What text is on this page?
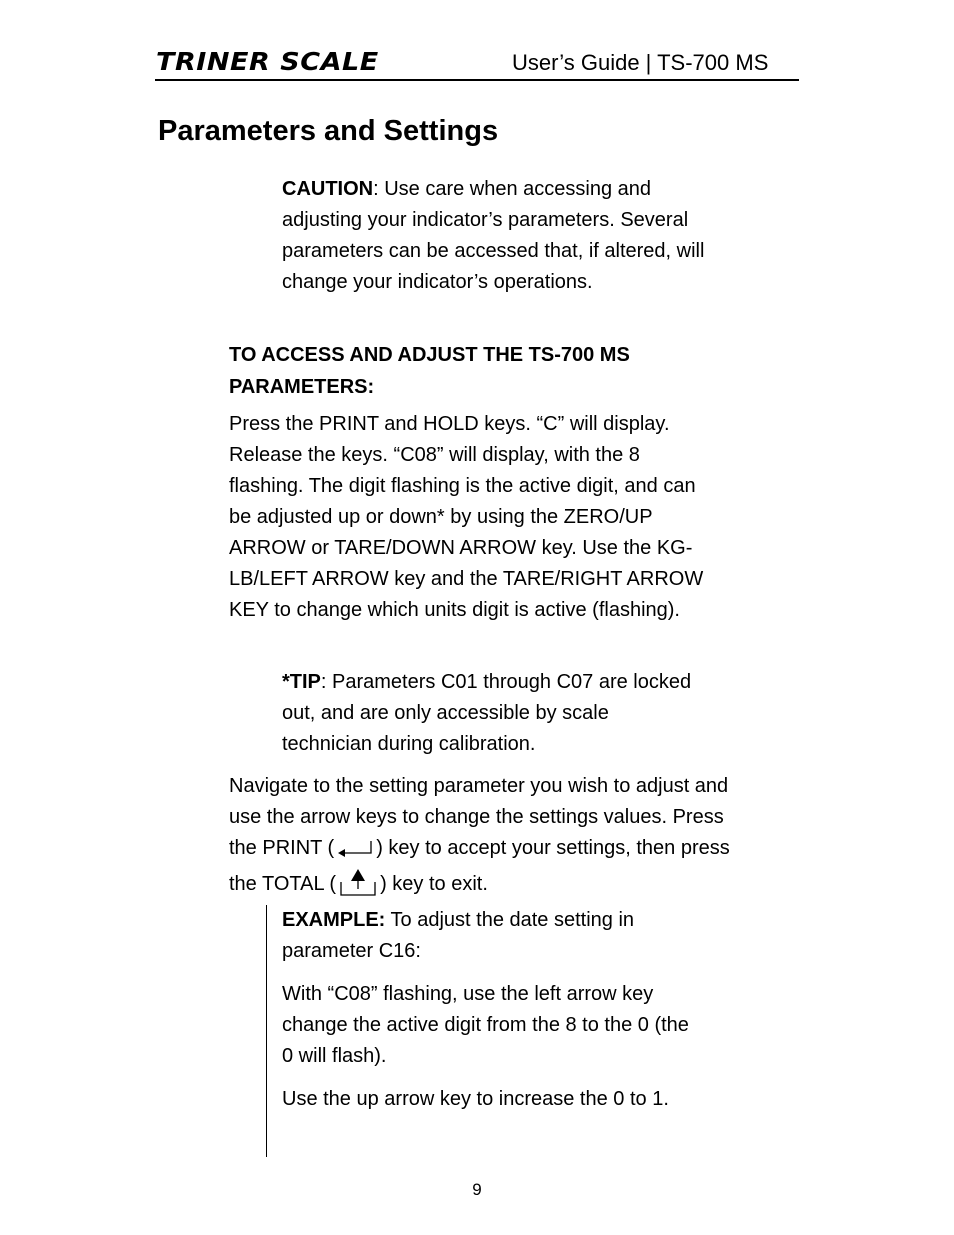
TRINER SCALE	User’s Guide | TS-700 MS
Parameters and Settings
CAUTION: Use care when accessing and adjusting your indicator’s parameters. Several parameters can be accessed that, if altered, will change your indicator’s operations.
TO ACCESS AND ADJUST THE TS-700 MS PARAMETERS:
Press the PRINT and HOLD keys. “C” will display. Release the keys. “C08” will display, with the 8 flashing. The digit flashing is the active digit, and can be adjusted up or down* by using the ZERO/UP ARROW or TARE/DOWN ARROW key. Use the KG-LB/LEFT ARROW key and the TARE/RIGHT ARROW KEY to change which units digit is active (flashing).
*TIP: Parameters C01 through C07 are locked out, and are only accessible by scale technician during calibration.
Navigate to the setting parameter you wish to adjust and use the arrow keys to change the settings values. Press the PRINT ( ) key to accept your settings, then press the TOTAL ( ) key to exit.
EXAMPLE: To adjust the date setting in parameter C16:
With “C08” flashing, use the left arrow key change the active digit from the 8 to the 0 (the 0 will flash).
Use the up arrow key to increase the 0 to 1.
9
